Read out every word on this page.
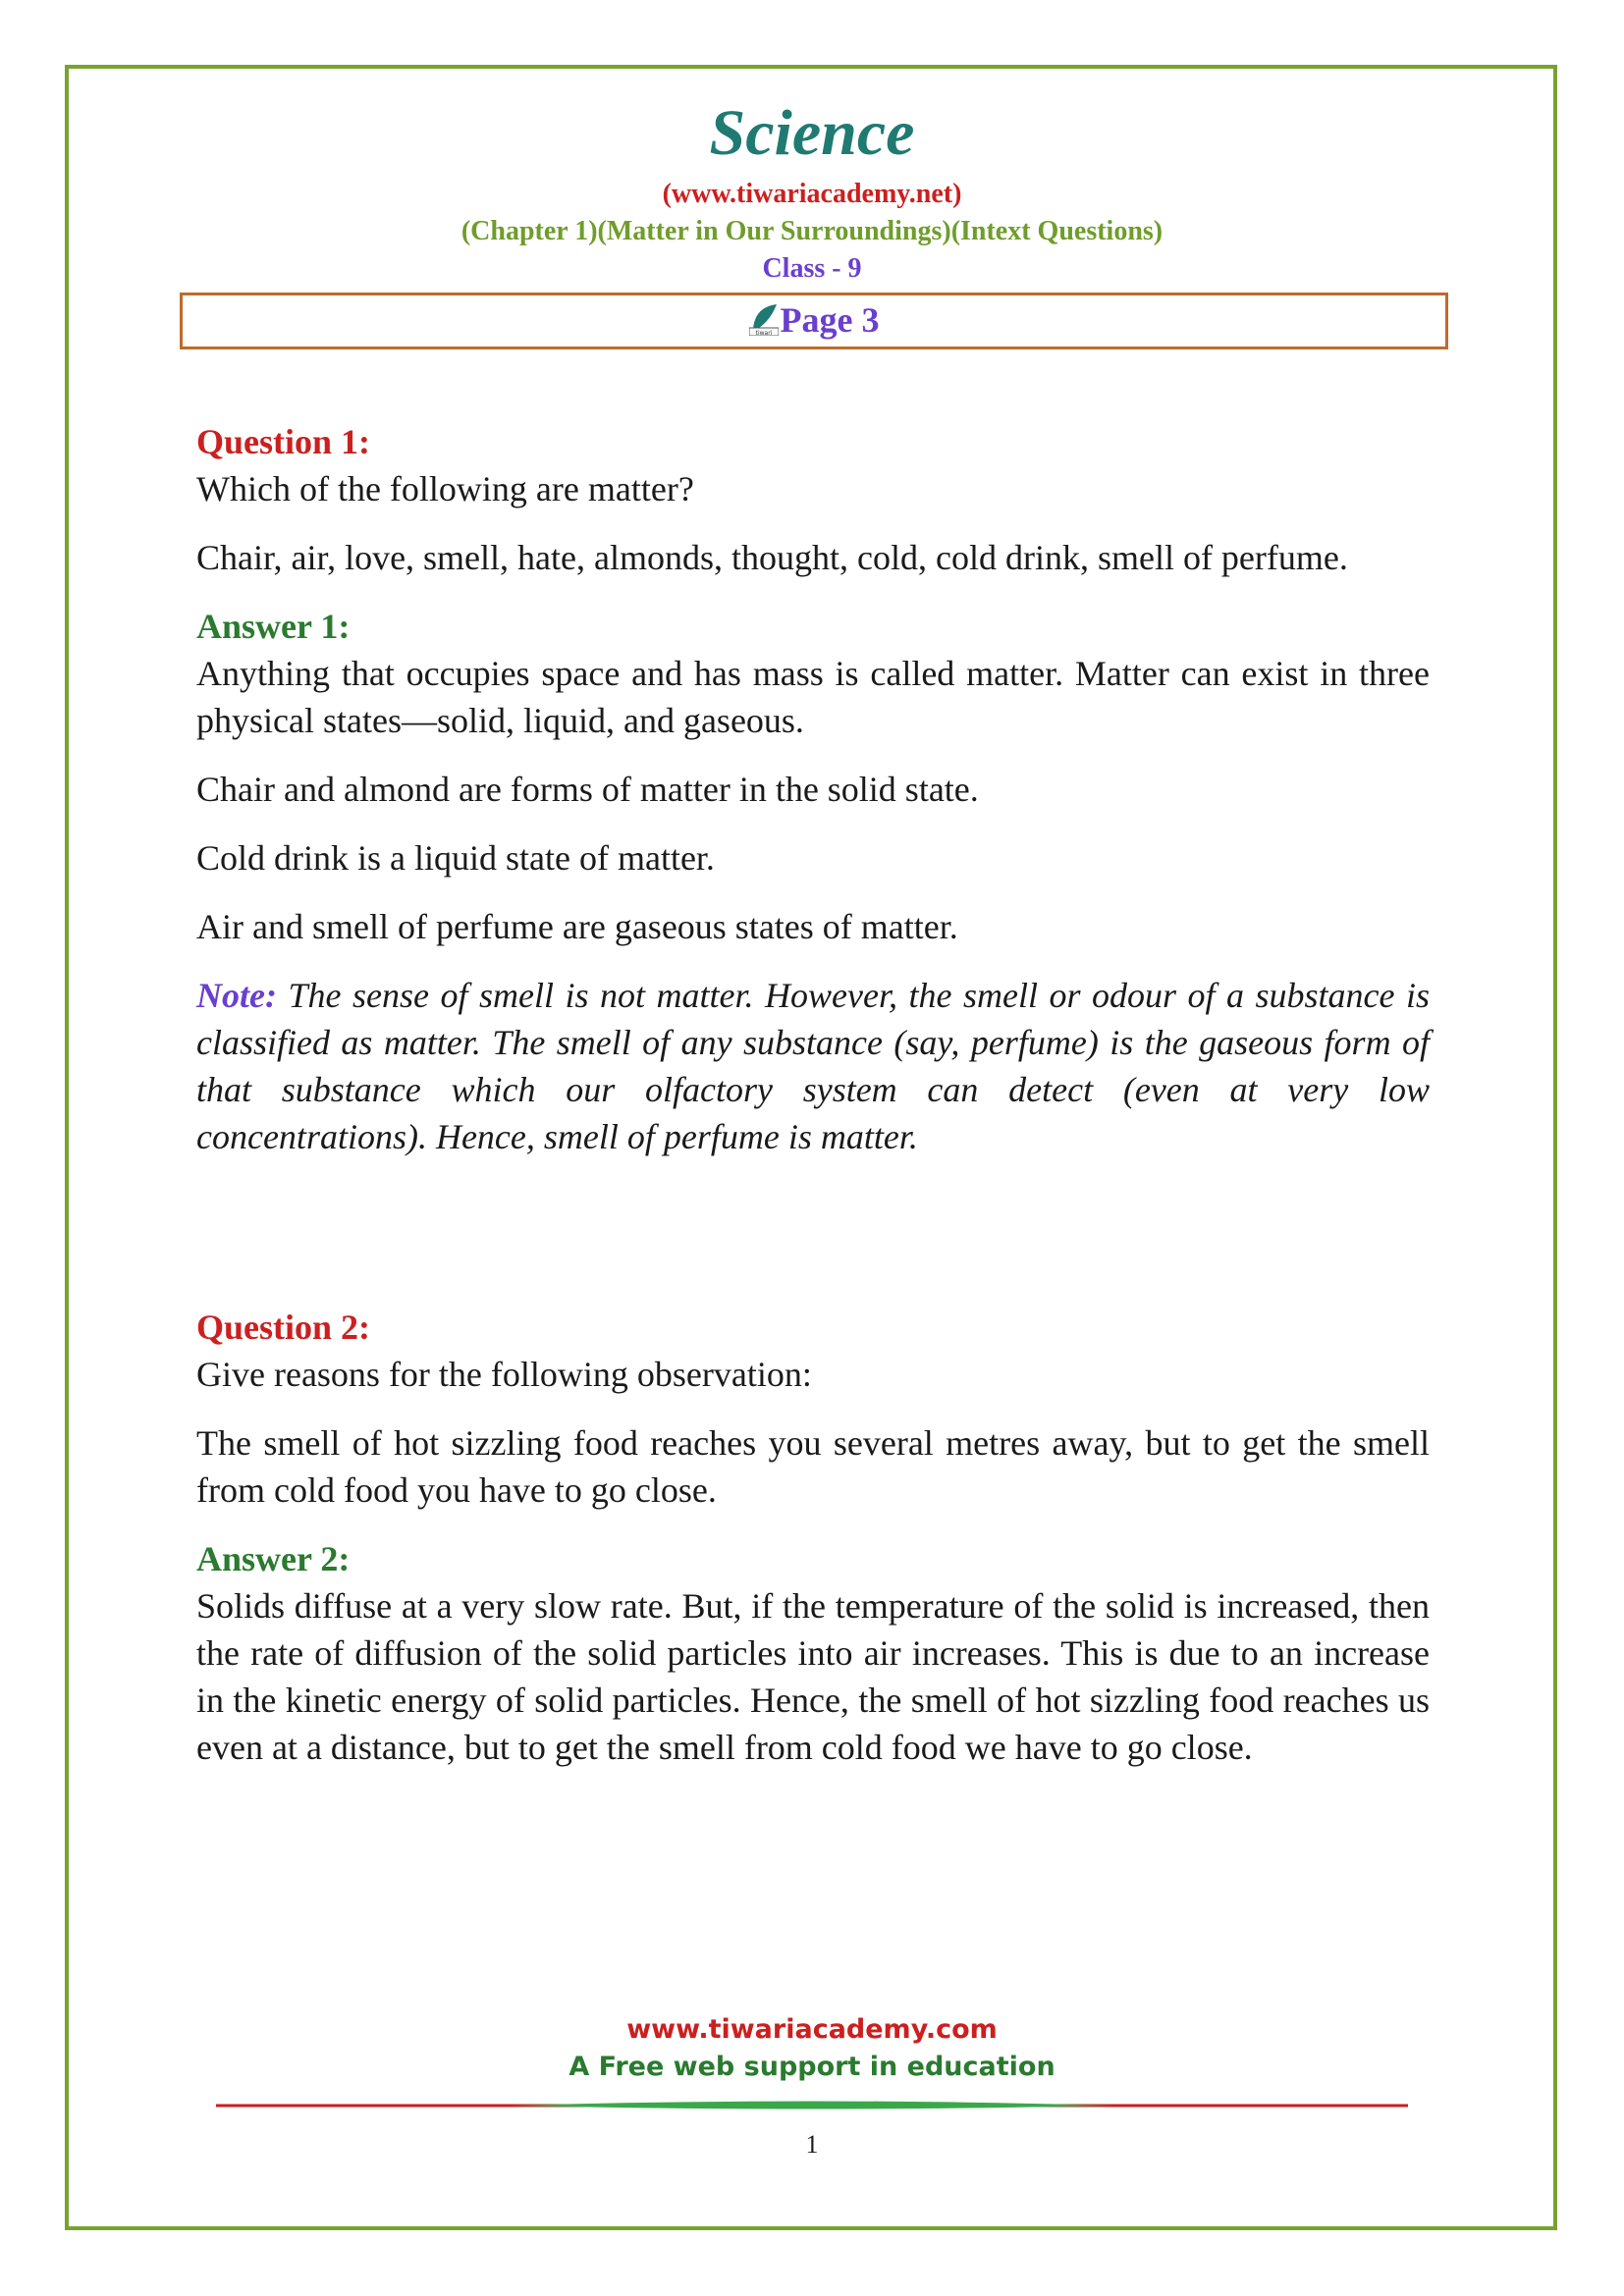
Science
(www.tiwariacademy.net)
(Chapter 1)(Matter in Our Surroundings)(Intext Questions)
Class - 9
tiwari Page 3

Question 1:

Which of the following are matter?

Chair, air, love, smell, hate, almonds, thought, cold, cold drink, smell of perfume.

Answer 1:

Anything that occupies space and has mass is called matter. Matter can exist in three physical states—solid, liquid, and gaseous.

Chair and almond are forms of matter in the solid state.

Cold drink is a liquid state of matter.

Air and smell of perfume are gaseous states of matter.

Note: The sense of smell is not matter. However, the smell or odour of a substance is classified as matter. The smell of any substance (say, perfume) is the gaseous form of that substance which our olfactory system can detect (even at very low concentrations). Hence, smell of perfume is matter.

Question 2:

Give reasons for the following observation:

The smell of hot sizzling food reaches you several metres away, but to get the smell from cold food you have to go close.

Answer 2:

Solids diffuse at a very slow rate. But, if the temperature of the solid is increased, then the rate of diffusion of the solid particles into air increases. This is due to an increase in the kinetic energy of solid particles. Hence, the smell of hot sizzling food reaches us even at a distance, but to get the smell from cold food we have to go close.

www.tiwariacademy.com
A Free web support in education
1
